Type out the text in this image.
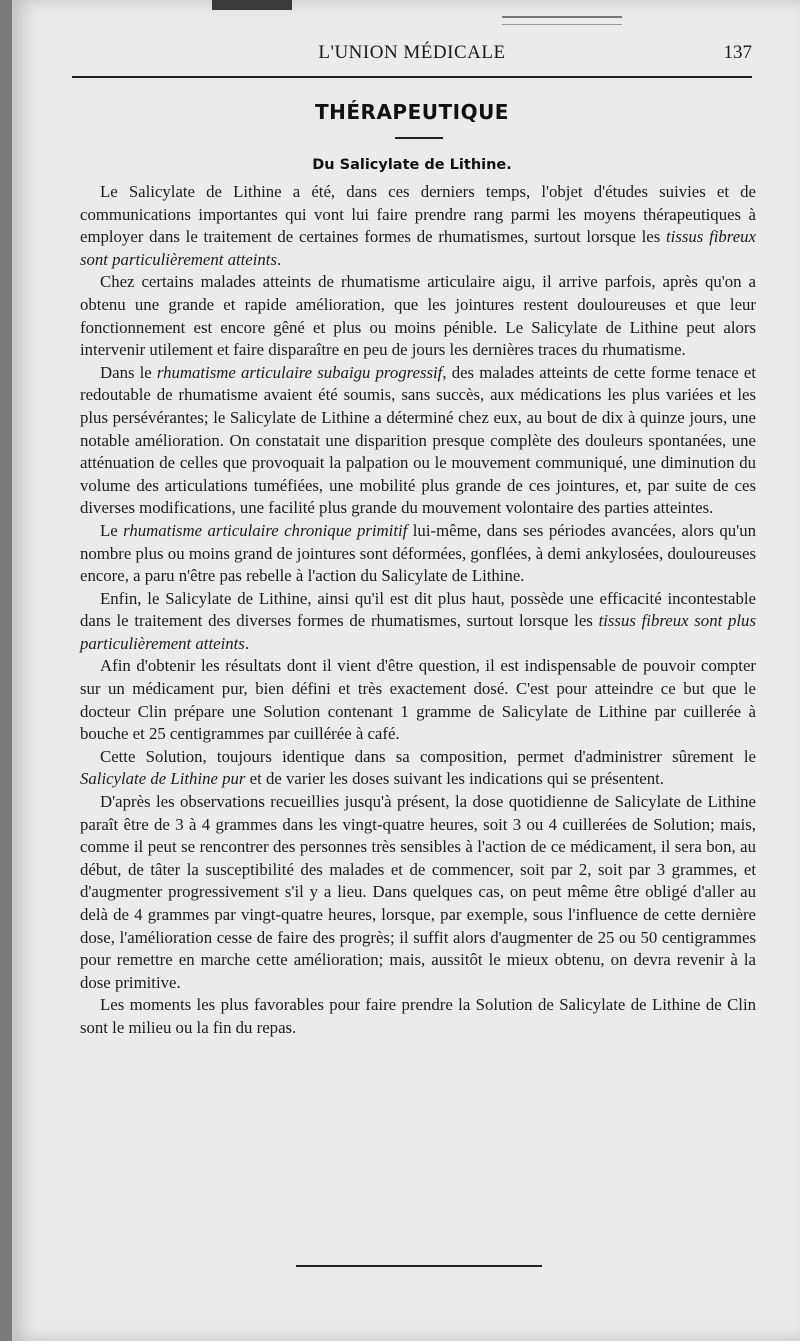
L'UNION MÉDICALE	137
THÉRAPEUTIQUE
Du Salicylate de Lithine.

Le Salicylate de Lithine a été, dans ces derniers temps, l'objet d'études suivies et de communications importantes qui vont lui faire prendre rang parmi les moyens thérapeutiques à employer dans le traitement de certaines formes de rhumatismes, surtout lorsque les tissus fibreux sont particulièrement atteints.

Chez certains malades atteints de rhumatisme articulaire aigu, il arrive parfois, après qu'on a obtenu une grande et rapide amélioration, que les jointures restent douloureuses et que leur fonctionnement est encore gêné et plus ou moins pénible. Le Salicylate de Lithine peut alors intervenir utilement et faire disparaître en peu de jours les dernières traces du rhumatisme.

Dans le rhumatisme articulaire subaigu progressif, des malades atteints de cette forme tenace et redoutable de rhumatisme avaient été soumis, sans succès, aux médications les plus variées et les plus persévérantes; le Salicylate de Lithine a déterminé chez eux, au bout de dix à quinze jours, une notable amélioration. On constatait une disparition presque complète des douleurs spontanées, une atténuation de celles que provoquait la palpation ou le mouvement communiqué, une diminution du volume des articulations tuméfiées, une mobilité plus grande de ces jointures, et, par suite de ces diverses modifications, une facilité plus grande du mouvement volontaire des parties atteintes.

Le rhumatisme articulaire chronique primitif lui-même, dans ses périodes avancées, alors qu'un nombre plus ou moins grand de jointures sont déformées, gonflées, à demi ankylosées, douloureuses encore, a paru n'être pas rebelle à l'action du Salicylate de Lithine.

Enfin, le Salicylate de Lithine, ainsi qu'il est dit plus haut, possède une efficacité incontestable dans le traitement des diverses formes de rhumatismes, surtout lorsque les tissus fibreux sont plus particulièrement atteints.

Afin d'obtenir les résultats dont il vient d'être question, il est indispensable de pouvoir compter sur un médicament pur, bien défini et très exactement dosé. C'est pour atteindre ce but que le docteur Clin prépare une Solution contenant 1 gramme de Salicylate de Lithine par cuillerée à bouche et 25 centigrammes par cuillérée à café.

Cette Solution, toujours identique dans sa composition, permet d'administrer sûrement le Salicylate de Lithine pur et de varier les doses suivant les indications qui se présentent.

D'après les observations recueillies jusqu'à présent, la dose quotidienne de Salicylate de Lithine paraît être de 3 à 4 grammes dans les vingt-quatre heures, soit 3 ou 4 cuillerées de Solution; mais, comme il peut se rencontrer des personnes très sensibles à l'action de ce médicament, il sera bon, au début, de tâter la susceptibilité des malades et de commencer, soit par 2, soit par 3 grammes, et d'augmenter progressivement s'il y a lieu. Dans quelques cas, on peut même être obligé d'aller au delà de 4 grammes par vingt-quatre heures, lorsque, par exemple, sous l'influence de cette dernière dose, l'amélioration cesse de faire des progrès; il suffit alors d'augmenter de 25 ou 50 centigrammes pour remettre en marche cette amélioration; mais, aussitôt le mieux obtenu, on devra revenir à la dose primitive.

Les moments les plus favorables pour faire prendre la Solution de Salicylate de Lithine de Clin sont le milieu ou la fin du repas.
